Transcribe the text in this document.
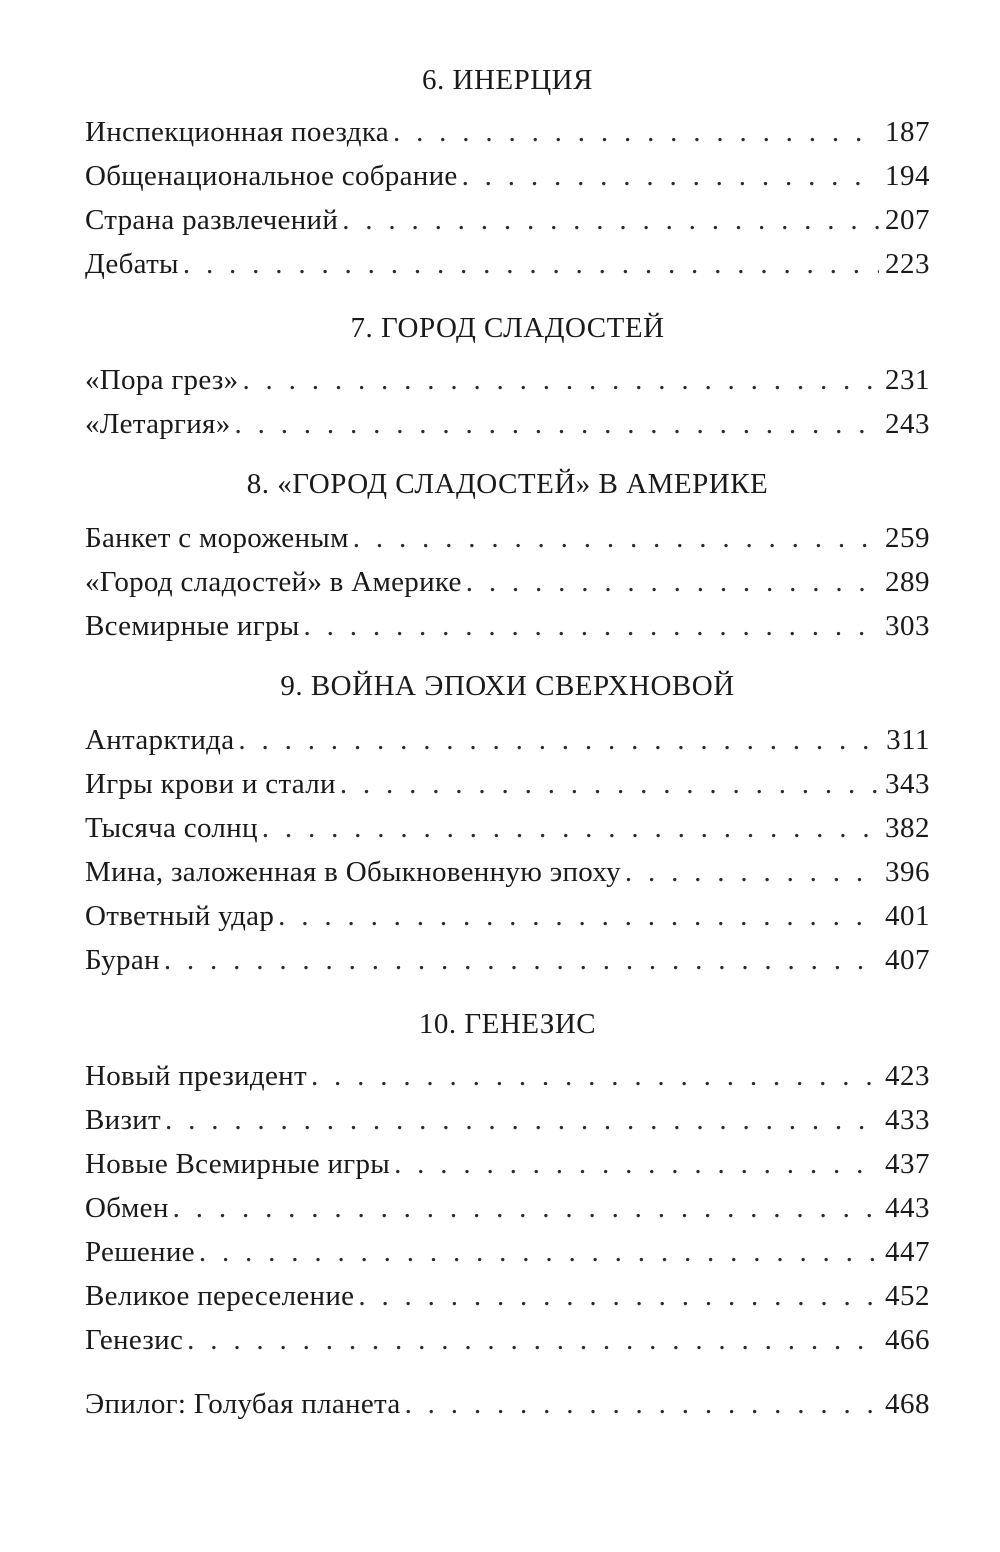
6. ИНЕРЦИЯ
Инспекционная поездка . . .	187
Общенациональное собрание . . .	194
Страна развлечений . . .	207
Дебаты . . .	223
7. ГОРОД СЛАДОСТЕЙ
«Пора грез» . . .	231
«Летаргия» . . .	243
8. «ГОРОД СЛАДОСТЕЙ» В АМЕРИКЕ
Банкет с мороженым . . .	259
«Город сладостей» в Америке . . .	289
Всемирные игры . . .	303
9. ВОЙНА ЭПОХИ СВЕРХНОВОЙ
Антарктида . . .	311
Игры крови и стали . . .	343
Тысяча солнц . . .	382
Мина, заложенная в Обыкновенную эпоху . . .	396
Ответный удар . . .	401
Буран . . .	407
10. ГЕНЕЗИС
Новый президент . . .	423
Визит . . .	433
Новые Всемирные игры . . .	437
Обмен . . .	443
Решение . . .	447
Великое переселение . . .	452
Генезис . . .	466
Эпилог: Голубая планета . . .	468
